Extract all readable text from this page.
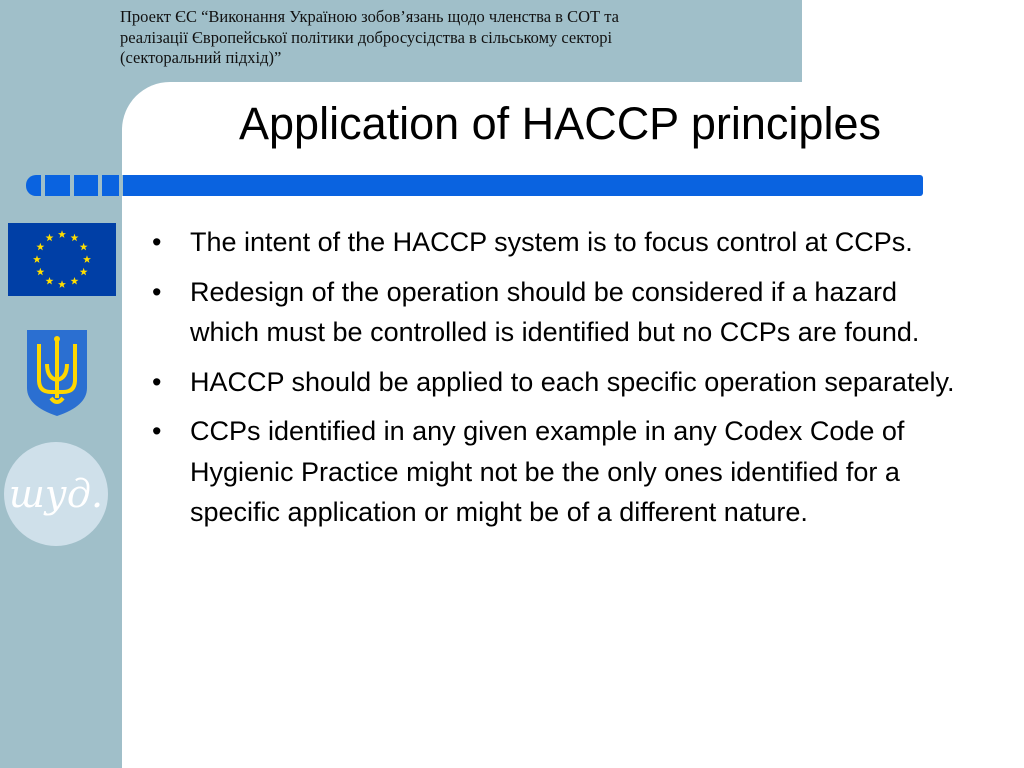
Проект ЄС “Виконання Україною зобов’язань щодо членства в СОТ та
реалізації Європейської політики добросусідства в сільському секторі
(секторальний підхід)”
Application of HACCP principles
• The intent of the HACCP system is to focus control at CCPs.
• Redesign of the operation should be considered if a hazard which must be controlled is identified but no CCPs are found.
• HACCP should be applied to each specific operation separately.
• CCPs identified in any given example in any Codex Code of Hygienic Practice might not be the only ones identified for a specific application or might be of a different nature.
шуд.
